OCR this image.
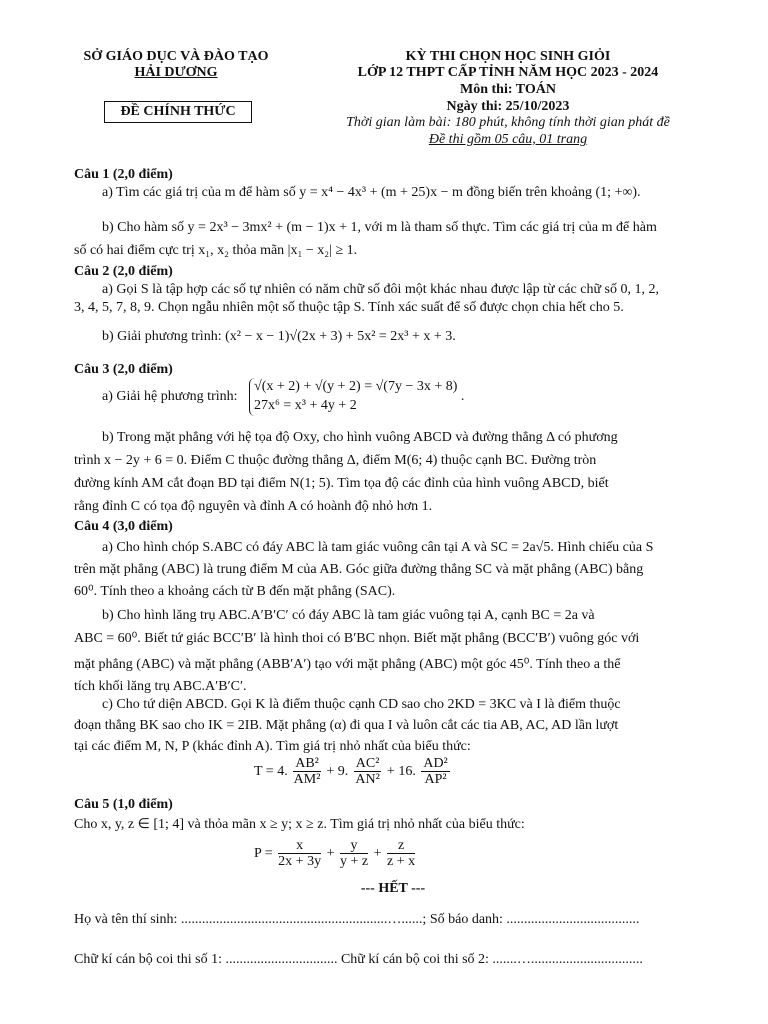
SỞ GIÁO DỤC VÀ ĐÀO TẠO
HẢI DƯƠNG
ĐỀ CHÍNH THỨC
KỲ THI CHỌN HỌC SINH GIỎI
LỚP 12 THPT CẤP TỈNH NĂM HỌC 2023 - 2024
Môn thi: TOÁN
Ngày thi: 25/10/2023
Thời gian làm bài: 180 phút, không tính thời gian phát đề
Đề thi gồm 05 câu, 01 trang
Câu 1 (2,0 điểm)
a) Tìm các giá trị của m để hàm số y = x⁴ − 4x³ + (m + 25)x − m đồng biến trên khoảng (1; +∞).
b) Cho hàm số y = 2x³ − 3mx² + (m − 1)x + 1, với m là tham số thực. Tìm các giá trị của m để hàm
số có hai điểm cực trị x₁, x₂ thỏa mãn |x₁ − x₂| ≥ 1.
Câu 2 (2,0 điểm)
a) Gọi S là tập hợp các số tự nhiên có năm chữ số đôi một khác nhau được lập từ các chữ số 0, 1, 2,
3, 4, 5, 7, 8, 9. Chọn ngẫu nhiên một số thuộc tập S. Tính xác suất để số được chọn chia hết cho 5.
b) Giải phương trình: (x² − x − 1)√(2x + 3) + 5x² = 2x³ + x + 3.
Câu 3 (2,0 điểm)
a) Giải hệ phương trình:
√(x + 2) + √(y + 2) = √(7y − 3x + 8)
27x⁶ = x³ + 4y + 2
.
b) Trong mặt phẳng với hệ tọa độ Oxy, cho hình vuông ABCD và đường thẳng Δ có phương
trình x − 2y + 6 = 0. Điểm C thuộc đường thẳng Δ, điểm M(6; 4) thuộc cạnh BC. Đường tròn
đường kính AM cắt đoạn BD tại điểm N(1; 5). Tìm tọa độ các đỉnh của hình vuông ABCD, biết
rằng đỉnh C có tọa độ nguyên và đỉnh A có hoành độ nhỏ hơn 1.
Câu 4 (3,0 điểm)
a) Cho hình chóp S.ABC có đáy ABC là tam giác vuông cân tại A và SC = 2a√5. Hình chiếu của S
trên mặt phẳng (ABC) là trung điểm M của AB. Góc giữa đường thẳng SC và mặt phẳng (ABC) bằng
60⁰. Tính theo a khoảng cách từ B đến mặt phẳng (SAC).
b) Cho hình lăng trụ ABC.A′B′C′ có đáy ABC là tam giác vuông tại A, cạnh BC = 2a và
ABC = 60⁰. Biết tứ giác BCC′B′ là hình thoi có B′BC nhọn. Biết mặt phẳng (BCC′B′) vuông góc với
mặt phẳng (ABC) và mặt phẳng (ABB′A′) tạo với mặt phẳng (ABC) một góc 45⁰. Tính theo a thể
tích khối lăng trụ ABC.A′B′C′.
c) Cho tứ diện ABCD. Gọi K là điểm thuộc cạnh CD sao cho 2KD = 3KC và I là điểm thuộc
đoạn thẳng BK sao cho IK = 2IB. Mặt phẳng (α) đi qua I và luôn cắt các tia AB, AC, AD lần lượt
tại các điểm M, N, P (khác đỉnh A). Tìm giá trị nhỏ nhất của biểu thức:
T = 4. $\frac{\text{AB²}}{\text{AM²}} + 9$. $\frac{\text{AC²}}{\text{AN²}} + 16$. $\frac{\text{AD²}}{\text{AP²}}$
Câu 5 (1,0 điểm)
Cho x, y, z ∈ [1; 4] và thỏa mãn x ≥ y; x ≥ z. Tìm giá trị nhỏ nhất của biểu thức:
$P = \frac{x}{2x + 3y} + \frac{y}{y + z} + \frac{z}{z + x}$
--- HẾT ---
Họ và tên thí sinh: ...........................................................…......; Số báo danh: ......................................
Chữ kí cán bộ coi thi số 1: ................................ Chữ kí cán bộ coi thi số 2: .......…................................
